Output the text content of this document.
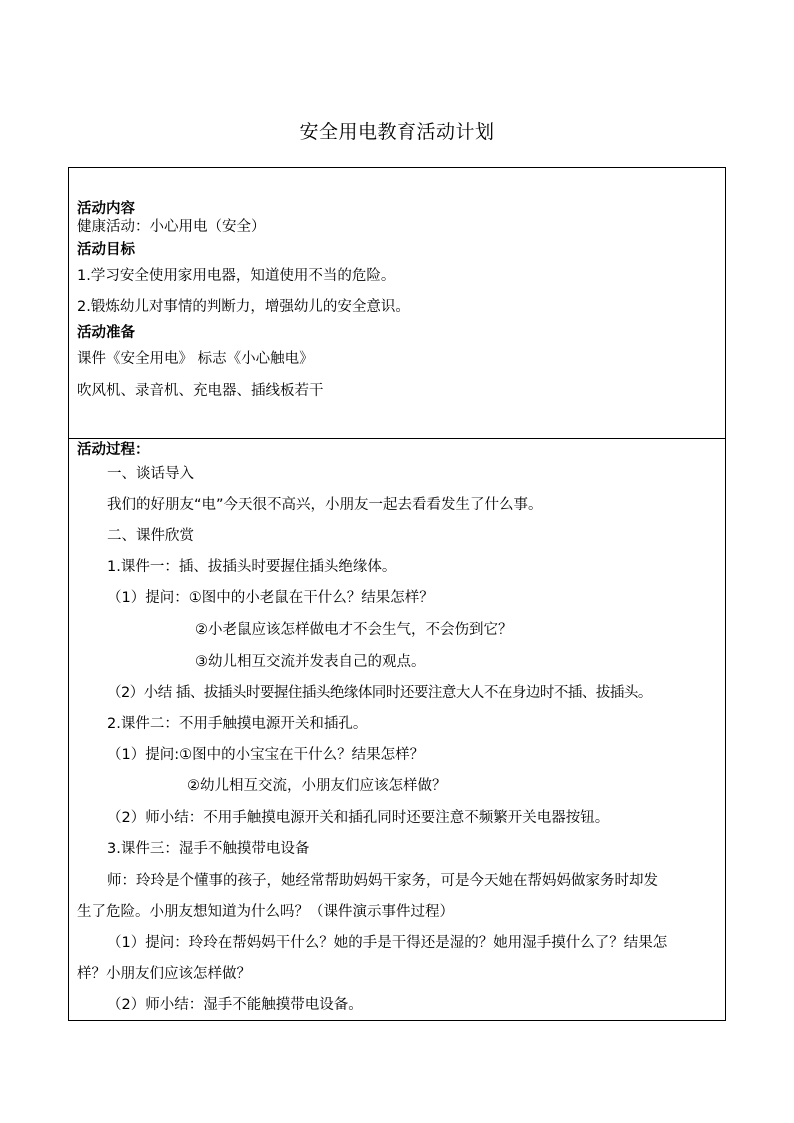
安全用电教育活动计划
活动内容
健康活动：小心用电（安全）
活动目标
1.学习安全使用家用电器，知道使用不当的危险。
2.锻炼幼儿对事情的判断力，增强幼儿的安全意识。
活动准备
课件《安全用电》 标志《小心触电》
吹风机、录音机、充电器、插线板若干
活动过程：
一、谈话导入
我们的好朋友“电”今天很不高兴，小朋友一起去看看发生了什么事。
二、课件欣赏
1.课件一：插、拔插头时要握住插头绝缘体。
（1）提问：①图中的小老鼠在干什么？结果怎样？
②小老鼠应该怎样做电才不会生气，不会伤到它？
③幼儿相互交流并发表自己的观点。
（2）小结 插、拔插头时要握住插头绝缘体同时还要注意大人不在身边时不插、拔插头。
2.课件二：不用手触摸电源开关和插孔。
（1）提问:①图中的小宝宝在干什么？结果怎样？
②幼儿相互交流，小朋友们应该怎样做？
（2）师小结：不用手触摸电源开关和插孔同时还要注意不频繁开关电器按钮。
3.课件三：湿手不触摸带电设备
师：玲玲是个懂事的孩子，她经常帮助妈妈干家务，可是今天她在帮妈妈做家务时却发
生了危险。小朋友想知道为什么吗？（课件演示事件过程）
（1）提问：玲玲在帮妈妈干什么？她的手是干得还是湿的？她用湿手摸什么了？结果怎
样？小朋友们应该怎样做？
（2）师小结：湿手不能触摸带电设备。
